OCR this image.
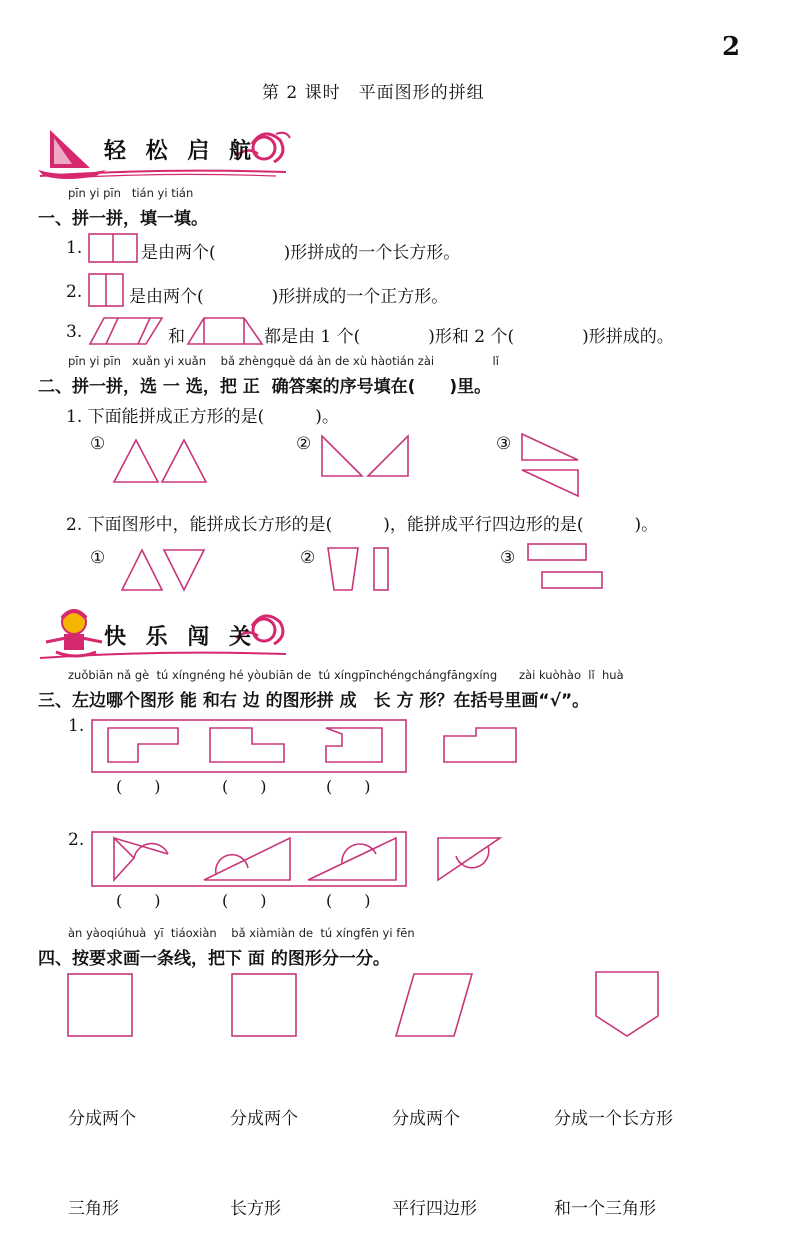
2
第 2 课时　平面图形的拼组
轻 松 启 航
pīn yi pīn   tián yi tián
一、拼一拼，填一填。
1.	是由两个(　　　　)形拼成的一个长方形。
2.	是由两个(　　　　)形拼成的一个正方形。
3.	和	都是由 1 个(　　　　)形和 2 个(　　　　)形拼成的。
pīn yi pīn   xuǎn yi xuǎn    bǎ zhèngquè dá àn de xù hàotián zài                lǐ
二、拼一拼，选 一 选，把 正  确答案的序号填在(　　)里。
1. 下面能拼成正方形的是(　　　)。
①	②	③
2. 下面图形中，能拼成长方形的是(　　　)，能拼成平行四边形的是(　　　)。
①	②	③
快 乐 闯 关
zuǒbiān nǎ gè  tú xíngnéng hé yòubiān de  tú xíngpīnchéngchángfāngxíng      zài kuòhào  lǐ  huà
三、左边哪个图形 能 和右 边 的图形拼 成　长 方 形？在括号里画“√”。
1.
(　　)	(　　)	(　　)
2.
(　　)	(　　)	(　　)
àn yàoqiúhuà  yī  tiáoxiàn    bǎ xiàmiàn de  tú xíngfēn yi fēn
四、按要求画一条线，把下 面 的图形分一分。

分成两个

三角形

分成两个

长方形

分成两个

平行四边形

分成一个长方形

和一个三角形
